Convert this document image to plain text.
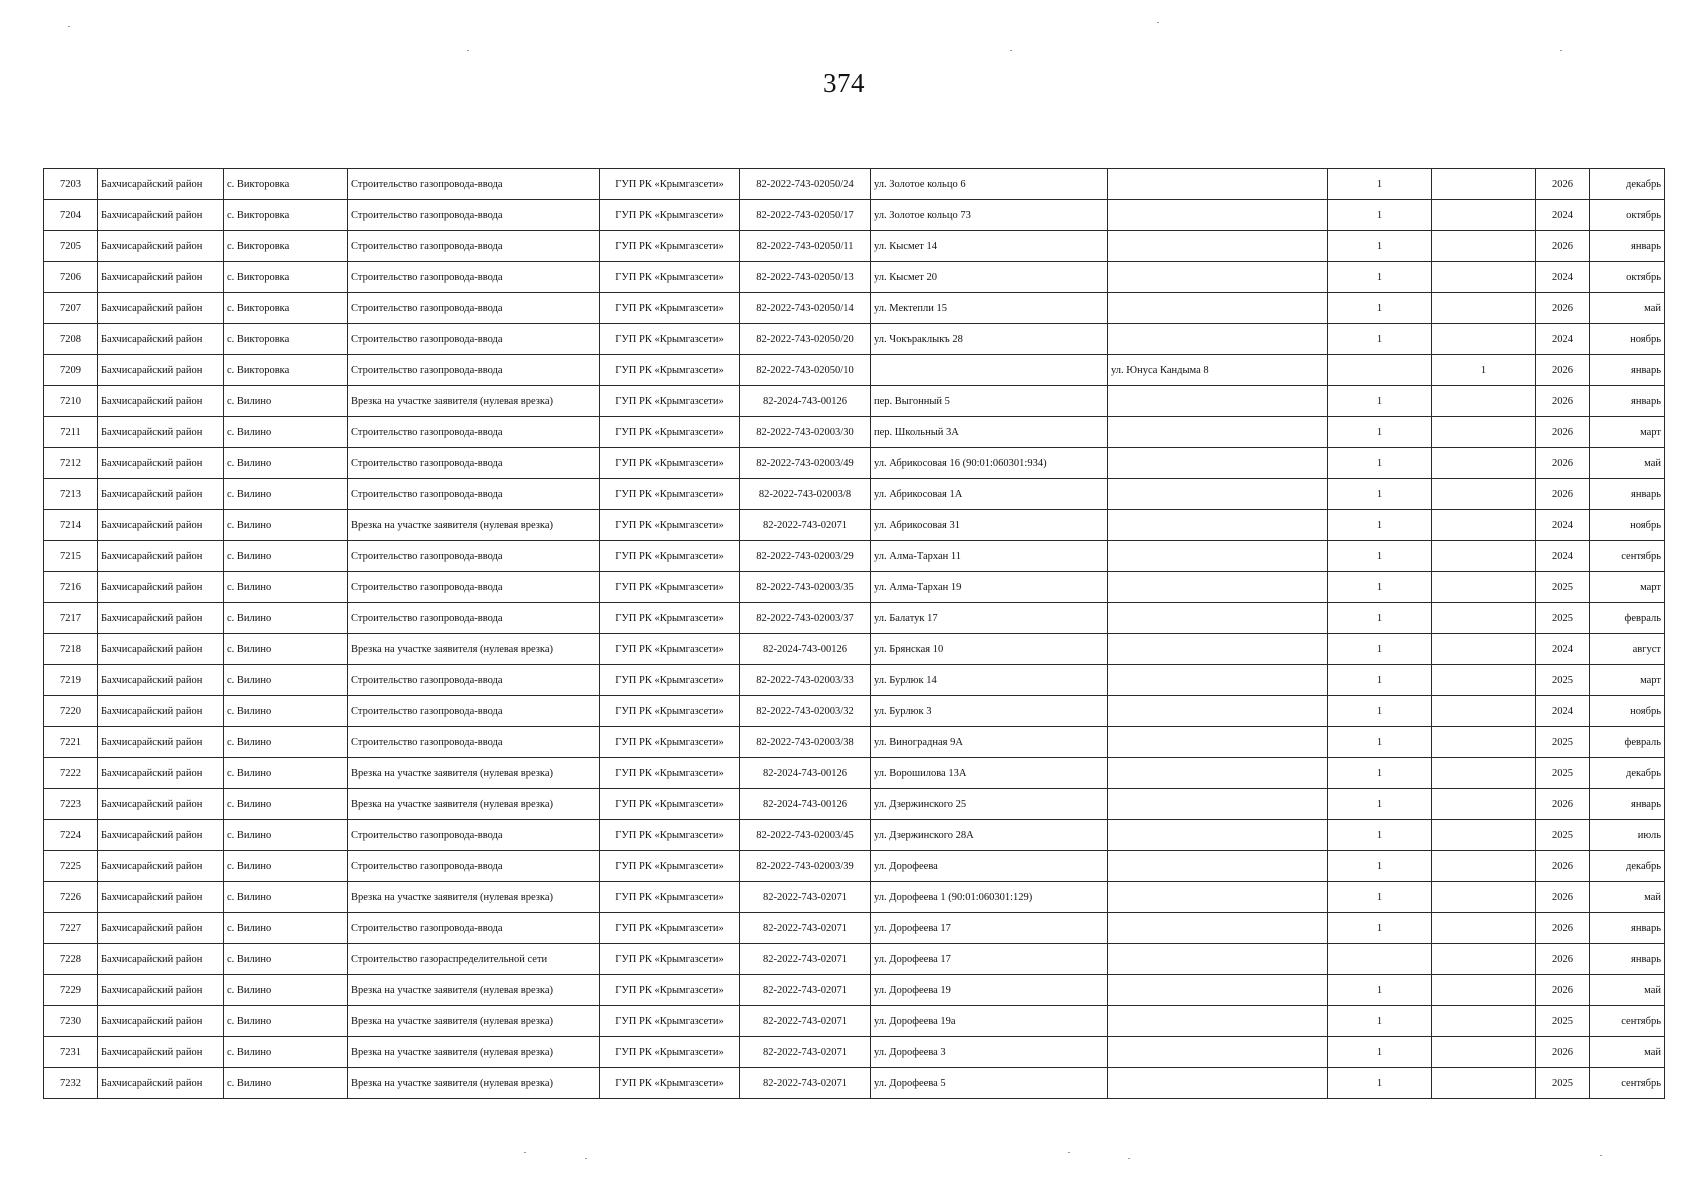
374
7203	Бахчисарайский район	с. Викторовка	Строительство газопровода-ввода	ГУП РК «Крымгазсети»	82-2022-743-02050/24	ул. Золотое кольцо 6		1		2026	декабрь
7204	Бахчисарайский район	с. Викторовка	Строительство газопровода-ввода	ГУП РК «Крымгазсети»	82-2022-743-02050/17	ул. Золотое кольцо 73		1		2024	октябрь
7205	Бахчисарайский район	с. Викторовка	Строительство газопровода-ввода	ГУП РК «Крымгазсети»	82-2022-743-02050/11	ул. Кысмет 14		1		2026	январь
7206	Бахчисарайский район	с. Викторовка	Строительство газопровода-ввода	ГУП РК «Крымгазсети»	82-2022-743-02050/13	ул. Кысмет 20		1		2024	октябрь
7207	Бахчисарайский район	с. Викторовка	Строительство газопровода-ввода	ГУП РК «Крымгазсети»	82-2022-743-02050/14	ул. Мектепли 15		1		2026	май
7208	Бахчисарайский район	с. Викторовка	Строительство газопровода-ввода	ГУП РК «Крымгазсети»	82-2022-743-02050/20	ул. Чокъраклыкъ 28		1		2024	ноябрь
7209	Бахчисарайский район	с. Викторовка	Строительство газопровода-ввода	ГУП РК «Крымгазсети»	82-2022-743-02050/10		ул. Юнуса Кандыма 8		1	2026	январь
7210	Бахчисарайский район	с. Вилино	Врезка на участке заявителя (нулевая врезка)	ГУП РК «Крымгазсети»	82-2024-743-00126	пер. Выгонный 5		1		2026	январь
7211	Бахчисарайский район	с. Вилино	Строительство газопровода-ввода	ГУП РК «Крымгазсети»	82-2022-743-02003/30	пер. Школьный 3А		1		2026	март
7212	Бахчисарайский район	с. Вилино	Строительство газопровода-ввода	ГУП РК «Крымгазсети»	82-2022-743-02003/49	ул. Абрикосовая 16 (90:01:060301:934)		1		2026	май
7213	Бахчисарайский район	с. Вилино	Строительство газопровода-ввода	ГУП РК «Крымгазсети»	82-2022-743-02003/8	ул. Абрикосовая 1А		1		2026	январь
7214	Бахчисарайский район	с. Вилино	Врезка на участке заявителя (нулевая врезка)	ГУП РК «Крымгазсети»	82-2022-743-02071	ул. Абрикосовая 31		1		2024	ноябрь
7215	Бахчисарайский район	с. Вилино	Строительство газопровода-ввода	ГУП РК «Крымгазсети»	82-2022-743-02003/29	ул. Алма-Тархан 11		1		2024	сентябрь
7216	Бахчисарайский район	с. Вилино	Строительство газопровода-ввода	ГУП РК «Крымгазсети»	82-2022-743-02003/35	ул. Алма-Тархан 19		1		2025	март
7217	Бахчисарайский район	с. Вилино	Строительство газопровода-ввода	ГУП РК «Крымгазсети»	82-2022-743-02003/37	ул. Балатук 17		1		2025	февраль
7218	Бахчисарайский район	с. Вилино	Врезка на участке заявителя (нулевая врезка)	ГУП РК «Крымгазсети»	82-2024-743-00126	ул. Брянская 10		1		2024	август
7219	Бахчисарайский район	с. Вилино	Строительство газопровода-ввода	ГУП РК «Крымгазсети»	82-2022-743-02003/33	ул. Бурлюк 14		1		2025	март
7220	Бахчисарайский район	с. Вилино	Строительство газопровода-ввода	ГУП РК «Крымгазсети»	82-2022-743-02003/32	ул. Бурлюк 3		1		2024	ноябрь
7221	Бахчисарайский район	с. Вилино	Строительство газопровода-ввода	ГУП РК «Крымгазсети»	82-2022-743-02003/38	ул. Виноградная 9А		1		2025	февраль
7222	Бахчисарайский район	с. Вилино	Врезка на участке заявителя (нулевая врезка)	ГУП РК «Крымгазсети»	82-2024-743-00126	ул. Ворошилова 13А		1		2025	декабрь
7223	Бахчисарайский район	с. Вилино	Врезка на участке заявителя (нулевая врезка)	ГУП РК «Крымгазсети»	82-2024-743-00126	ул. Дзержинского 25		1		2026	январь
7224	Бахчисарайский район	с. Вилино	Строительство газопровода-ввода	ГУП РК «Крымгазсети»	82-2022-743-02003/45	ул. Дзержинского 28А		1		2025	июль
7225	Бахчисарайский район	с. Вилино	Строительство газопровода-ввода	ГУП РК «Крымгазсети»	82-2022-743-02003/39	ул. Дорофеева		1		2026	декабрь
7226	Бахчисарайский район	с. Вилино	Врезка на участке заявителя (нулевая врезка)	ГУП РК «Крымгазсети»	82-2022-743-02071	ул. Дорофеева 1 (90:01:060301:129)		1		2026	май
7227	Бахчисарайский район	с. Вилино	Строительство газопровода-ввода	ГУП РК «Крымгазсети»	82-2022-743-02071	ул. Дорофеева 17		1		2026	январь
7228	Бахчисарайский район	с. Вилино	Строительство газораспределительной сети	ГУП РК «Крымгазсети»	82-2022-743-02071	ул. Дорофеева 17				2026	январь
7229	Бахчисарайский район	с. Вилино	Врезка на участке заявителя (нулевая врезка)	ГУП РК «Крымгазсети»	82-2022-743-02071	ул. Дорофеева 19		1		2026	май
7230	Бахчисарайский район	с. Вилино	Врезка на участке заявителя (нулевая врезка)	ГУП РК «Крымгазсети»	82-2022-743-02071	ул. Дорофеева 19а		1		2025	сентябрь
7231	Бахчисарайский район	с. Вилино	Врезка на участке заявителя (нулевая врезка)	ГУП РК «Крымгазсети»	82-2022-743-02071	ул. Дорофеева 3		1		2026	май
7232	Бахчисарайский район	с. Вилино	Врезка на участке заявителя (нулевая врезка)	ГУП РК «Крымгазсети»	82-2022-743-02071	ул. Дорофеева 5		1		2025	сентябрь
